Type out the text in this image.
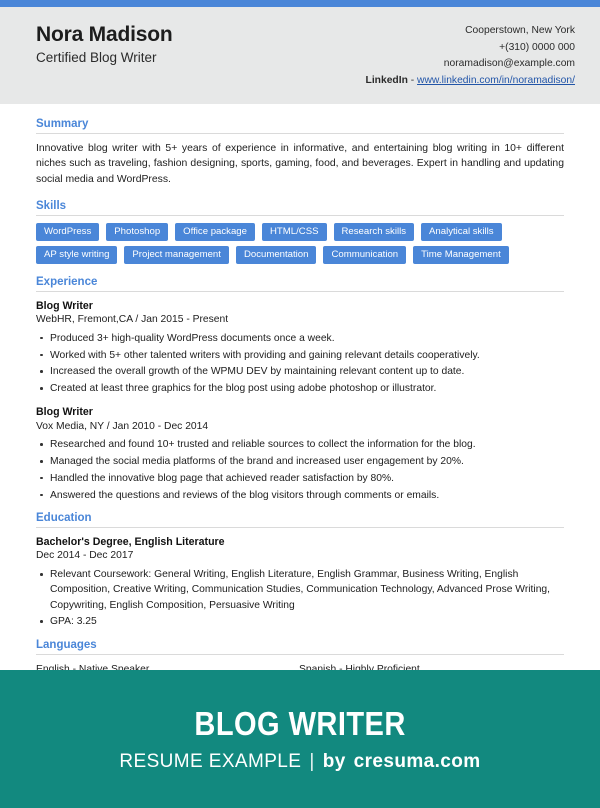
Nora Madison
Certified Blog Writer
Cooperstown, New York
+(310) 0000 000
noramadison@example.com
LinkedIn - www.linkedin.com/in/noramadison/
Summary
Innovative blog writer with 5+ years of experience in informative, and entertaining blog writing in 10+ different niches such as traveling, fashion designing, sports, gaming, food, and beverages. Expert in handling and updating social media and WordPress.
Skills
WordPress	Photoshop	Office package	HTML/CSS	Research skills	Analytical skills
AP style writing	Project management	Documentation	Communication	Time Management
Experience
Blog Writer
WebHR, Fremont,CA / Jan 2015 - Present
Produced 3+ high-quality WordPress documents once a week.
Worked with 5+ other talented writers with providing and gaining relevant details cooperatively.
Increased the overall growth of the WPMU DEV by maintaining relevant content up to date.
Created at least three graphics for the blog post using adobe photoshop or illustrator.
Blog Writer
Vox Media, NY / Jan 2010 - Dec 2014
Researched and found 10+ trusted and reliable sources to collect the information for the blog.
Managed the social media platforms of the brand and increased user engagement by 20%.
Handled the innovative blog page that achieved reader satisfaction by 80%.
Answered the questions and reviews of the blog visitors through comments or emails.
Education
Bachelor's Degree, English Literature
Dec 2014 - Dec 2017
Relevant Coursework: General Writing, English Literature, English Grammar, Business Writing, English Composition, Creative Writing, Communication Studies, Communication Technology, Advanced Prose Writing, Copywriting, English Composition, Persuasive Writing
GPA: 3.25
Languages
BLOG WRITER
RESUME EXAMPLE | by cresuma.com
